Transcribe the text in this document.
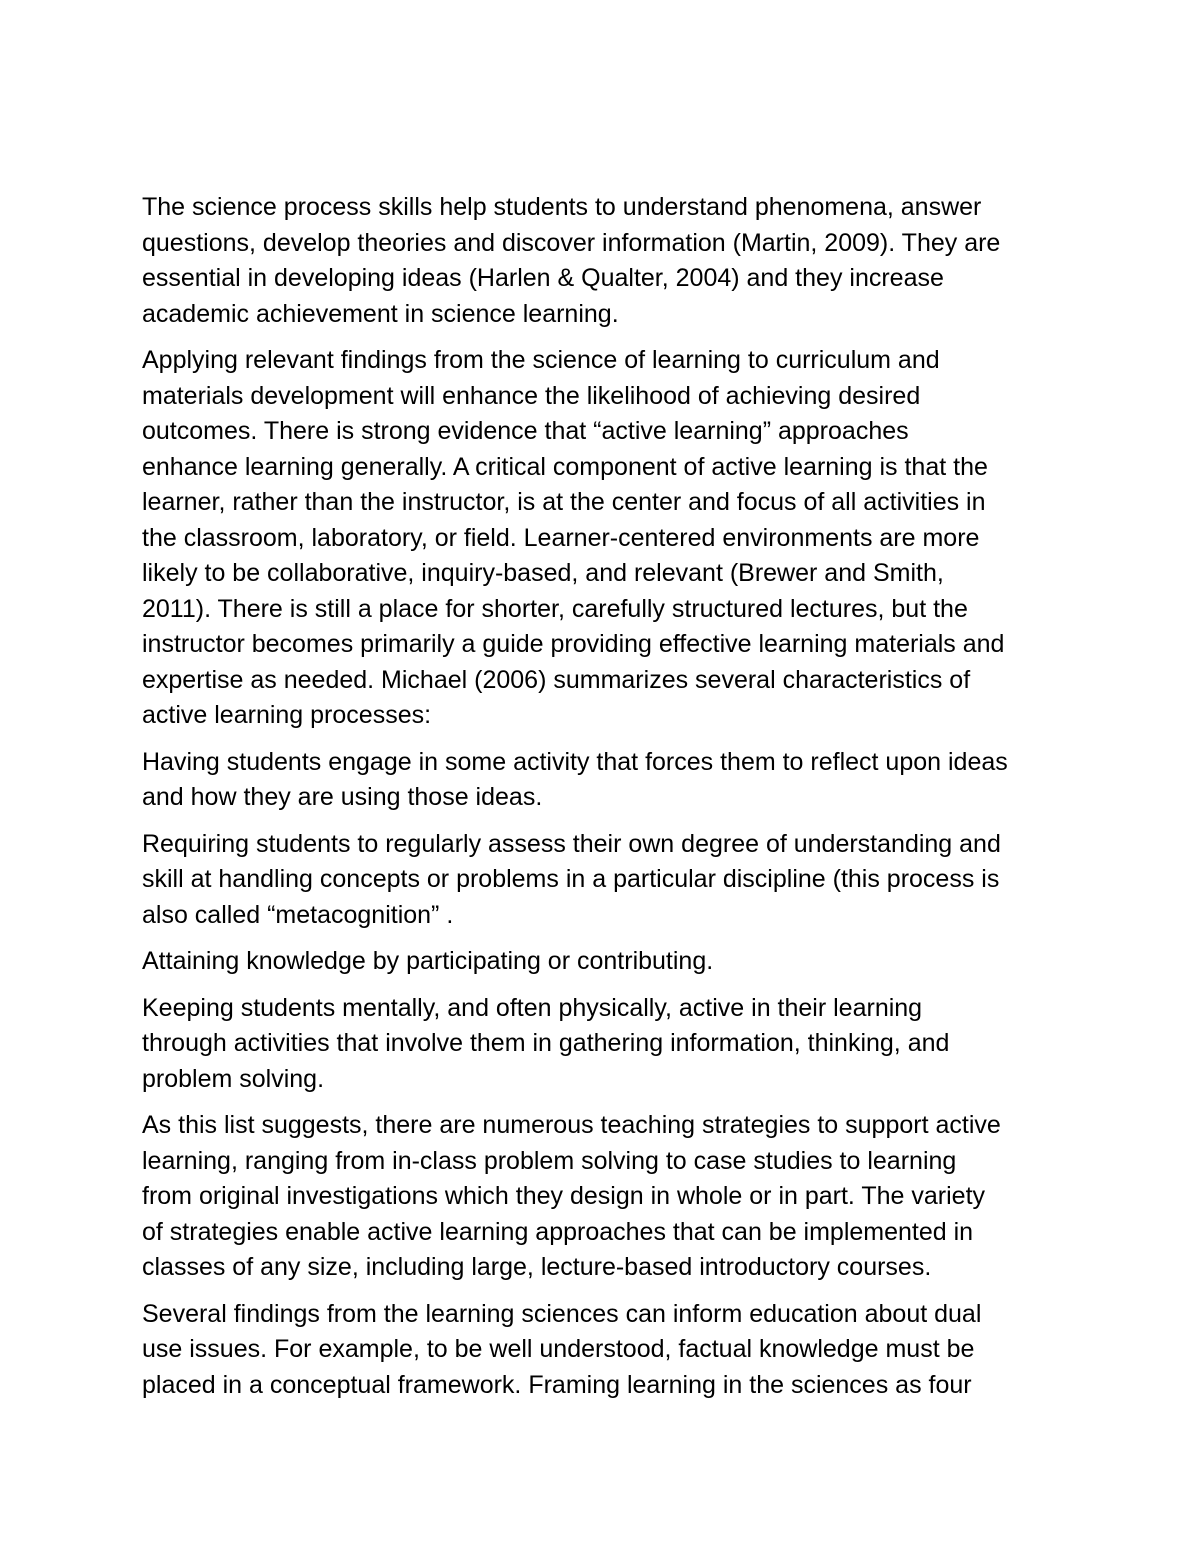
The science process skills help students to understand phenomena, answer
questions, develop theories and discover information (Martin, 2009). They are
essential in developing ideas (Harlen & Qualter, 2004) and they increase
academic achievement in science learning.

Applying relevant findings from the science of learning to curriculum and
materials development will enhance the likelihood of achieving desired
outcomes. There is strong evidence that “active learning” approaches
enhance learning generally. A critical component of active learning is that the
learner, rather than the instructor, is at the center and focus of all activities in
the classroom, laboratory, or field. Learner-centered environments are more
likely to be collaborative, inquiry-based, and relevant (Brewer and Smith,
2011). There is still a place for shorter, carefully structured lectures, but the
instructor becomes primarily a guide providing effective learning materials and
expertise as needed. Michael (2006) summarizes several characteristics of
active learning processes:

Having students engage in some activity that forces them to reflect upon ideas
and how they are using those ideas.

Requiring students to regularly assess their own degree of understanding and
skill at handling concepts or problems in a particular discipline (this process is
also called “metacognition” .

Attaining knowledge by participating or contributing.

Keeping students mentally, and often physically, active in their learning
through activities that involve them in gathering information, thinking, and
problem solving.

As this list suggests, there are numerous teaching strategies to support active
learning, ranging from in-class problem solving to case studies to learning
from original investigations which they design in whole or in part. The variety
of strategies enable active learning approaches that can be implemented in
classes of any size, including large, lecture-based introductory courses.

Several findings from the learning sciences can inform education about dual
use issues. For example, to be well understood, factual knowledge must be
placed in a conceptual framework. Framing learning in the sciences as four
